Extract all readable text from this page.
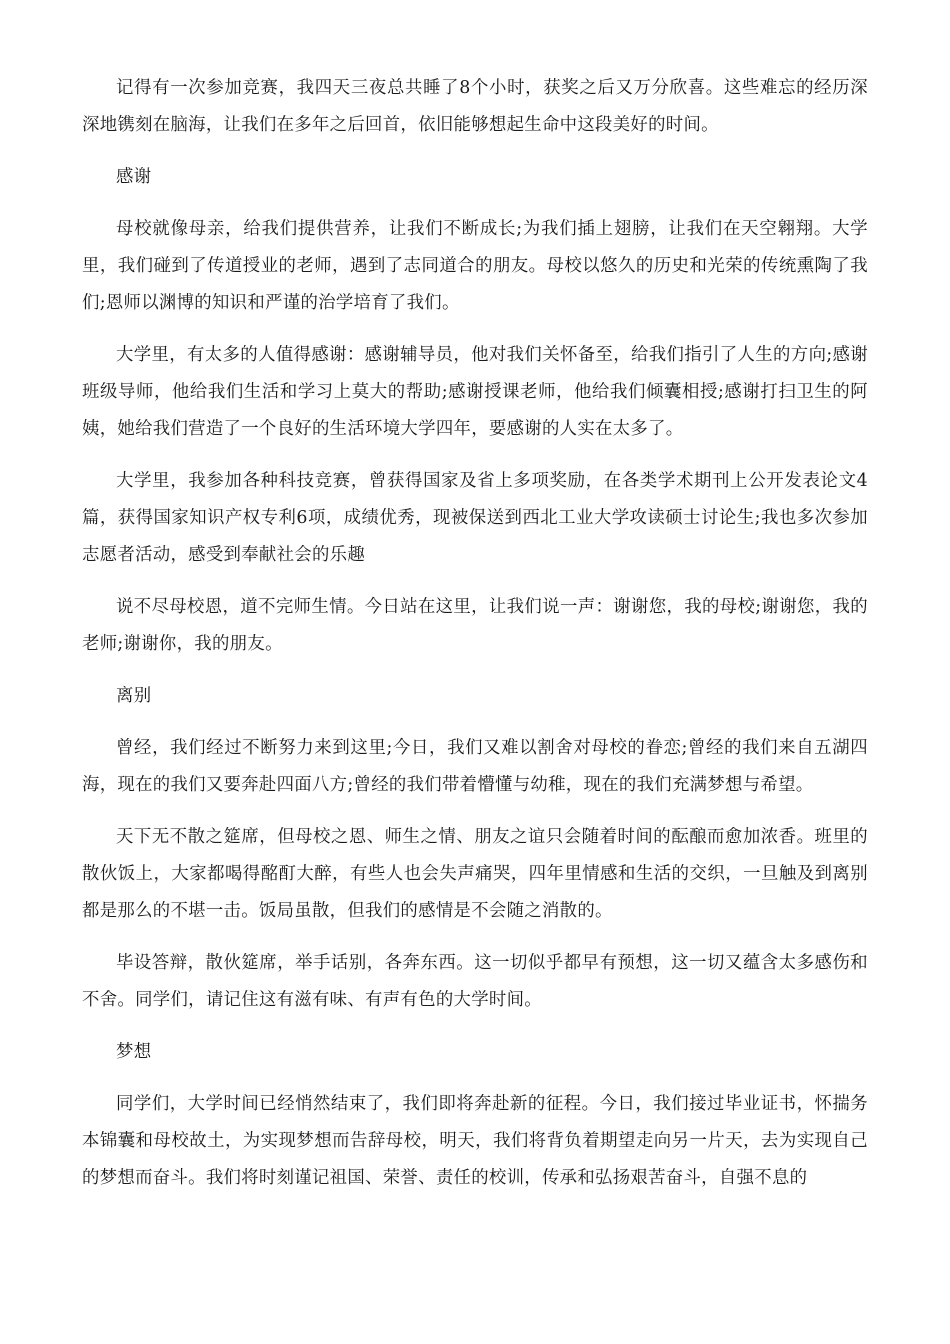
记得有一次参加竞赛，我四天三夜总共睡了8个小时，获奖之后又万分欣喜。这些难忘的经历深深地镌刻在脑海，让我们在多年之后回首，依旧能够想起生命中这段美好的时间。

感谢

母校就像母亲，给我们提供营养，让我们不断成长;为我们插上翅膀，让我们在天空翱翔。大学里，我们碰到了传道授业的老师，遇到了志同道合的朋友。母校以悠久的历史和光荣的传统熏陶了我们;恩师以渊博的知识和严谨的治学培育了我们。

大学里，有太多的人值得感谢：感谢辅导员，他对我们关怀备至，给我们指引了人生的方向;感谢班级导师，他给我们生活和学习上莫大的帮助;感谢授课老师，他给我们倾囊相授;感谢打扫卫生的阿姨，她给我们营造了一个良好的生活环境大学四年，要感谢的人实在太多了。

大学里，我参加各种科技竞赛，曾获得国家及省上多项奖励，在各类学术期刊上公开发表论文4篇，获得国家知识产权专利6项，成绩优秀，现被保送到西北工业大学攻读硕士讨论生;我也多次参加志愿者活动，感受到奉献社会的乐趣

说不尽母校恩，道不完师生情。今日站在这里，让我们说一声：谢谢您，我的母校;谢谢您，我的老师;谢谢你，我的朋友。

离别

曾经，我们经过不断努力来到这里;今日，我们又难以割舍对母校的眷恋;曾经的我们来自五湖四海，现在的我们又要奔赴四面八方;曾经的我们带着懵懂与幼稚，现在的我们充满梦想与希望。

天下无不散之筵席，但母校之恩、师生之情、朋友之谊只会随着时间的酝酿而愈加浓香。班里的散伙饭上，大家都喝得酩酊大醉，有些人也会失声痛哭，四年里情感和生活的交织，一旦触及到离别都是那么的不堪一击。饭局虽散，但我们的感情是不会随之消散的。

毕设答辩，散伙筵席，举手话别，各奔东西。这一切似乎都早有预想，这一切又蕴含太多感伤和不舍。同学们，请记住这有滋有味、有声有色的大学时间。

梦想

同学们，大学时间已经悄然结束了，我们即将奔赴新的征程。今日，我们接过毕业证书，怀揣务本锦囊和母校故土，为实现梦想而告辞母校，明天，我们将背负着期望走向另一片天，去为实现自己的梦想而奋斗。我们将时刻谨记祖国、荣誉、责任的校训，传承和弘扬艰苦奋斗，自强不息的
